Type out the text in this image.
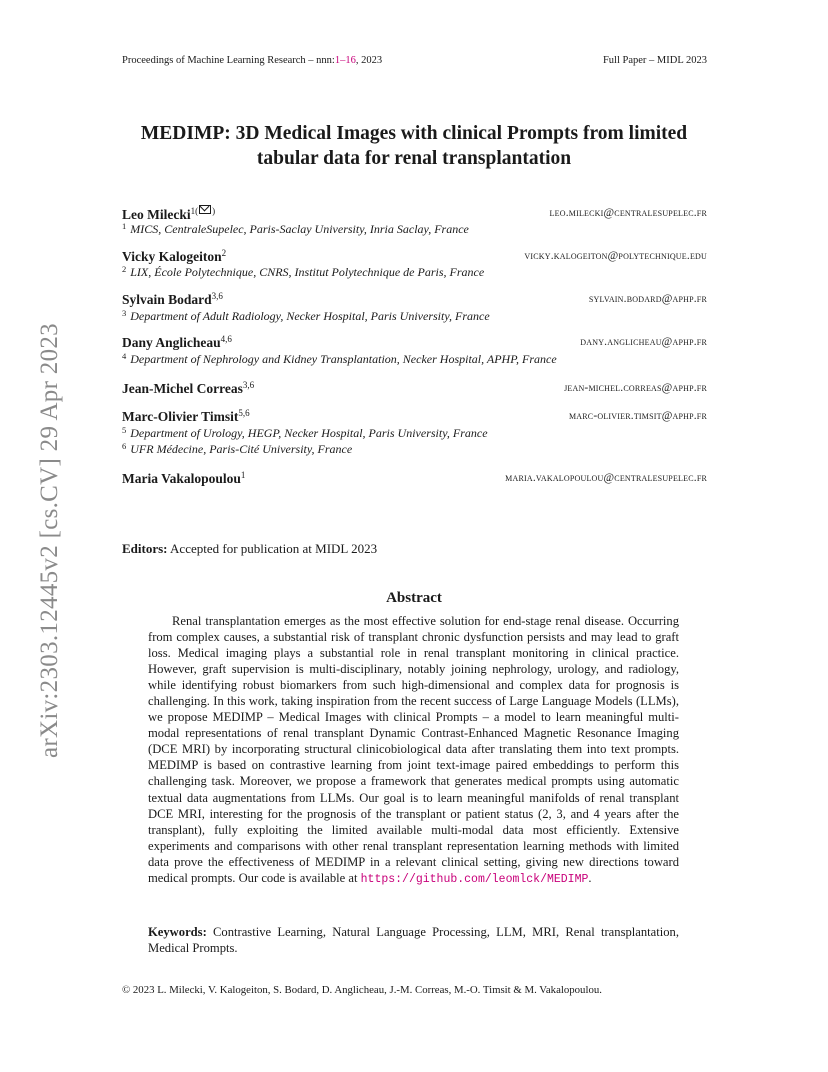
Proceedings of Machine Learning Research – nnn:1–16, 2023	Full Paper – MIDL 2023
arXiv:2303.12445v2 [cs.CV] 29 Apr 2023
MEDIMP: 3D Medical Images with clinical Prompts from limited tabular data for renal transplantation
Leo Milecki$^{1( )}$	leo.milecki@centralesupelec.fr
$^1$ MICS, CentraleSupelec, Paris-Saclay University, Inria Saclay, France
Vicky Kalogeiton$^2$	vicky.kalogeiton@polytechnique.edu
$^2$ LIX, École Polytechnique, CNRS, Institut Polytechnique de Paris, France
Sylvain Bodard$^{3,6}$	sylvain.bodard@aphp.fr
$^3$ Department of Adult Radiology, Necker Hospital, Paris University, France
Dany Anglicheau$^{4,6}$	dany.anglicheau@aphp.fr
$^4$ Department of Nephrology and Kidney Transplantation, Necker Hospital, APHP, France
Jean-Michel Correas$^{3,6}$	jean-michel.correas@aphp.fr
Marc-Olivier Timsit$^{5,6}$	marc-olivier.timsit@aphp.fr
$^5$ Department of Urology, HEGP, Necker Hospital, Paris University, France
$^6$ UFR Médecine, Paris-Cité University, France
Maria Vakalopoulou$^1$	maria.vakalopoulou@centralesupelec.fr
Editors: Accepted for publication at MIDL 2023
Abstract

Renal transplantation emerges as the most effective solution for end-stage renal disease. Occurring from complex causes, a substantial risk of transplant chronic dysfunction persists and may lead to graft loss. Medical imaging plays a substantial role in renal transplant monitoring in clinical practice. However, graft supervision is multi-disciplinary, notably joining nephrology, urology, and radiology, while identifying robust biomarkers from such high-dimensional and complex data for prognosis is challenging. In this work, taking inspiration from the recent success of Large Language Models (LLMs), we propose MEDIMP – Medical Images with clinical Prompts – a model to learn meaningful multi-modal representations of renal transplant Dynamic Contrast-Enhanced Magnetic Resonance Imaging (DCE MRI) by incorporating structural clinicobiological data after translating them into text prompts. MEDIMP is based on contrastive learning from joint text-image paired embeddings to perform this challenging task. Moreover, we propose a framework that generates medical prompts using automatic textual data augmentations from LLMs. Our goal is to learn meaningful manifolds of renal transplant DCE MRI, interesting for the prognosis of the transplant or patient status (2, 3, and 4 years after the transplant), fully exploiting the limited available multi-modal data most efficiently. Extensive experiments and comparisons with other renal transplant representation learning methods with limited data prove the effectiveness of MEDIMP in a relevant clinical setting, giving new directions toward medical prompts. Our code is available at https://github.com/leomlck/MEDIMP.

Keywords: Contrastive Learning, Natural Language Processing, LLM, MRI, Renal transplantation, Medical Prompts.

© 2023 L. Milecki, V. Kalogeiton, S. Bodard, D. Anglicheau, J.-M. Correas, M.-O. Timsit & M. Vakalopoulou.
